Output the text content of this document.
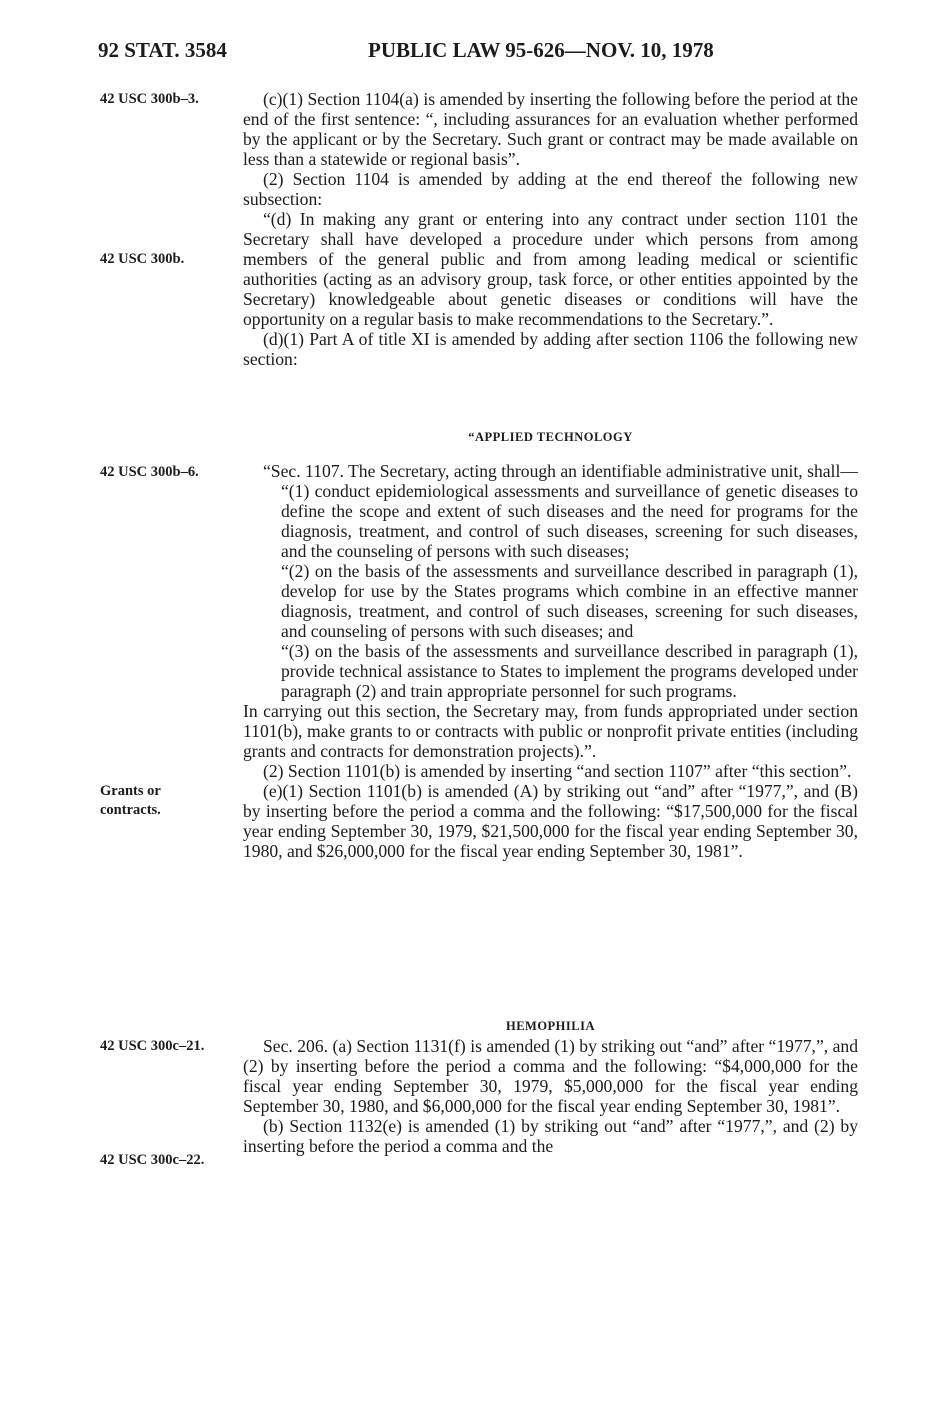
92 STAT. 3584	PUBLIC LAW 95-626—NOV. 10, 1978
42 USC 300b–3.
42 USC 300b.
42 USC 300b–6.
Grants or contracts.
42 USC 300c–21.
42 USC 300c–22.

(c)(1) Section 1104(a) is amended by inserting the following before the period at the end of the first sentence: “, including assurances for an evaluation whether performed by the applicant or by the Secretary. Such grant or contract may be made available on less than a statewide or regional basis”.

(2) Section 1104 is amended by adding at the end thereof the following new subsection:

“(d) In making any grant or entering into any contract under section 1101 the Secretary shall have developed a procedure under which persons from among members of the general public and from among leading medical or scientific authorities (acting as an advisory group, task force, or other entities appointed by the Secretary) knowledgeable about genetic diseases or conditions will have the opportunity on a regular basis to make recommendations to the Secretary.”.

(d)(1) Part A of title XI is amended by adding after section 1106 the following new section:

“APPLIED TECHNOLOGY

“Sec. 1107. The Secretary, acting through an identifiable administrative unit, shall—

“(1) conduct epidemiological assessments and surveillance of genetic diseases to define the scope and extent of such diseases and the need for programs for the diagnosis, treatment, and control of such diseases, screening for such diseases, and the counseling of persons with such diseases;

“(2) on the basis of the assessments and surveillance described in paragraph (1), develop for use by the States programs which combine in an effective manner diagnosis, treatment, and control of such diseases, screening for such diseases, and counseling of persons with such diseases; and

“(3) on the basis of the assessments and surveillance described in paragraph (1), provide technical assistance to States to implement the programs developed under paragraph (2) and train appropriate personnel for such programs.

In carrying out this section, the Secretary may, from funds appropriated under section 1101(b), make grants to or contracts with public or nonprofit private entities (including grants and contracts for demonstration projects).”.

(2) Section 1101(b) is amended by inserting “and section 1107” after “this section”.

(e)(1) Section 1101(b) is amended (A) by striking out “and” after “1977,”, and (B) by inserting before the period a comma and the following: “$17,500,000 for the fiscal year ending September 30, 1979, $21,500,000 for the fiscal year ending September 30, 1980, and $26,000,000 for the fiscal year ending September 30, 1981”.

HEMOPHILIA

Sec. 206. (a) Section 1131(f) is amended (1) by striking out “and” after “1977,”, and (2) by inserting before the period a comma and the following: “$4,000,000 for the fiscal year ending September 30, 1979, $5,000,000 for the fiscal year ending September 30, 1980, and $6,000,000 for the fiscal year ending September 30, 1981”.

(b) Section 1132(e) is amended (1) by striking out “and” after “1977,”, and (2) by inserting before the period a comma and the
